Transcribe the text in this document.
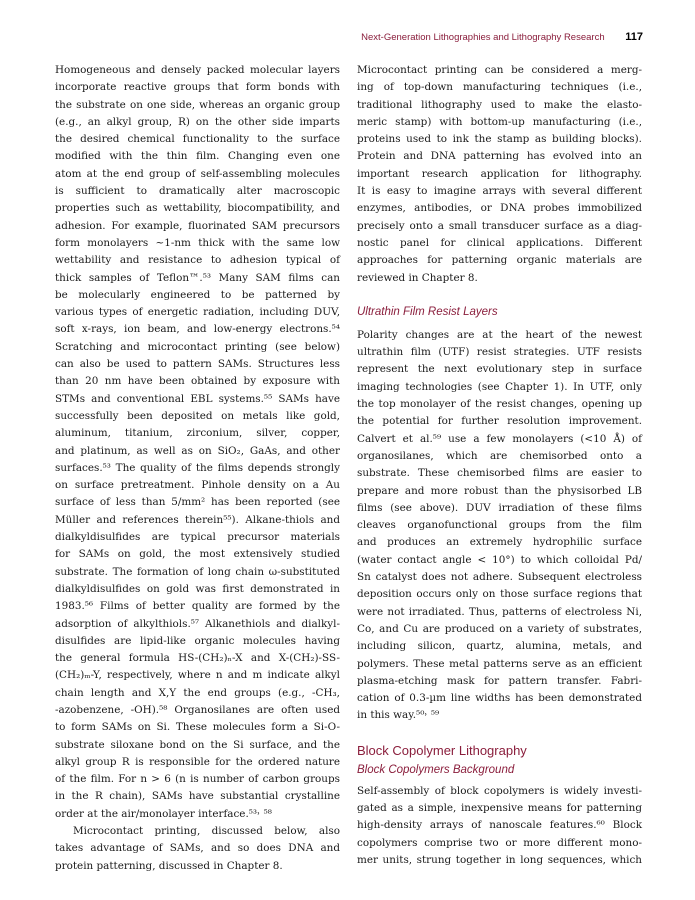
Next-Generation Lithographies and Lithography Research 117
Homogeneous and densely packed molecular layers
incorporate reactive groups that form bonds with
the substrate on one side, whereas an organic group
(e.g., an alkyl group, R) on the other side imparts
the desired chemical functionality to the surface
modified with the thin film. Changing even one
atom at the end group of self-assembling molecules
is sufficient to dramatically alter macroscopic
properties such as wettability, biocompatibility, and
adhesion. For example, fluorinated SAM precursors
form monolayers ~1-nm thick with the same low
wettability and resistance to adhesion typical of
thick samples of Teflon™.⁵³ Many SAM films can
be molecularly engineered to be patterned by
various types of energetic radiation, including DUV,
soft x-rays, ion beam, and low-energy electrons.⁵⁴
Scratching and microcontact printing (see below)
can also be used to pattern SAMs. Structures less
than 20 nm have been obtained by exposure with
STMs and conventional EBL systems.⁵⁵ SAMs have
successfully been deposited on metals like gold,
aluminum, titanium, zirconium, silver, copper,
and platinum, as well as on SiO₂, GaAs, and other
surfaces.⁵³ The quality of the films depends strongly
on surface pretreatment. Pinhole density on a Au
surface of less than 5/mm² has been reported (see
Müller and references therein⁵⁵). Alkane-thiols and
dialkyldisulfides are typical precursor materials
for SAMs on gold, the most extensively studied
substrate. The formation of long chain ω-substituted
dialkyldisulfides on gold was first demonstrated in
1983.⁵⁶ Films of better quality are formed by the
adsorption of alkylthiols.⁵⁷ Alkanethiols and dialkyl-
disulfides are lipid-like organic molecules having
the general formula HS-(CH₂)ₙ-X and X-(CH₂)-SS-
(CH₂)ₘ-Y, respectively, where n and m indicate alkyl
chain length and X,Y the end groups (e.g., -CH₃,
-azobenzene, -OH).⁵⁸ Organosilanes are often used
to form SAMs on Si. These molecules form a Si-O-
substrate siloxane bond on the Si surface, and the
alkyl group R is responsible for the ordered nature
of the film. For n > 6 (n is number of carbon groups
in the R chain), SAMs have substantial crystalline
order at the air/monolayer interface.⁵³˒ ⁵⁸
Microcontact printing, discussed below, also
takes advantage of SAMs, and so does DNA and
protein patterning, discussed in Chapter 8.
Microcontact printing can be considered a merg-
ing of top-down manufacturing techniques (i.e.,
traditional lithography used to make the elasto-
meric stamp) with bottom-up manufacturing (i.e.,
proteins used to ink the stamp as building blocks).
Protein and DNA patterning has evolved into an
important research application for lithography.
It is easy to imagine arrays with several different
enzymes, antibodies, or DNA probes immobilized
precisely onto a small transducer surface as a diag-
nostic panel for clinical applications. Different
approaches for patterning organic materials are
reviewed in Chapter 8.
Ultrathin Film Resist Layers
Polarity changes are at the heart of the newest
ultrathin film (UTF) resist strategies. UTF resists
represent the next evolutionary step in surface
imaging technologies (see Chapter 1). In UTF, only
the top monolayer of the resist changes, opening up
the potential for further resolution improvement.
Calvert et al.⁵⁹ use a few monolayers (<10 Å) of
organosilanes, which are chemisorbed onto a
substrate. These chemisorbed films are easier to
prepare and more robust than the physisorbed LB
films (see above). DUV irradiation of these films
cleaves organofunctional groups from the film
and produces an extremely hydrophilic surface
(water contact angle < 10°) to which colloidal Pd/
Sn catalyst does not adhere. Subsequent electroless
deposition occurs only on those surface regions that
were not irradiated. Thus, patterns of electroless Ni,
Co, and Cu are produced on a variety of substrates,
including silicon, quartz, alumina, metals, and
polymers. These metal patterns serve as an efficient
plasma-etching mask for pattern transfer. Fabri-
cation of 0.3-µm line widths has been demonstrated
in this way.⁵⁰˒ ⁵⁹
Block Copolymer Lithography
Block Copolymers Background
Self-assembly of block copolymers is widely investi-
gated as a simple, inexpensive means for patterning
high-density arrays of nanoscale features.⁶⁰ Block
copolymers comprise two or more different mono-
mer units, strung together in long sequences, which
